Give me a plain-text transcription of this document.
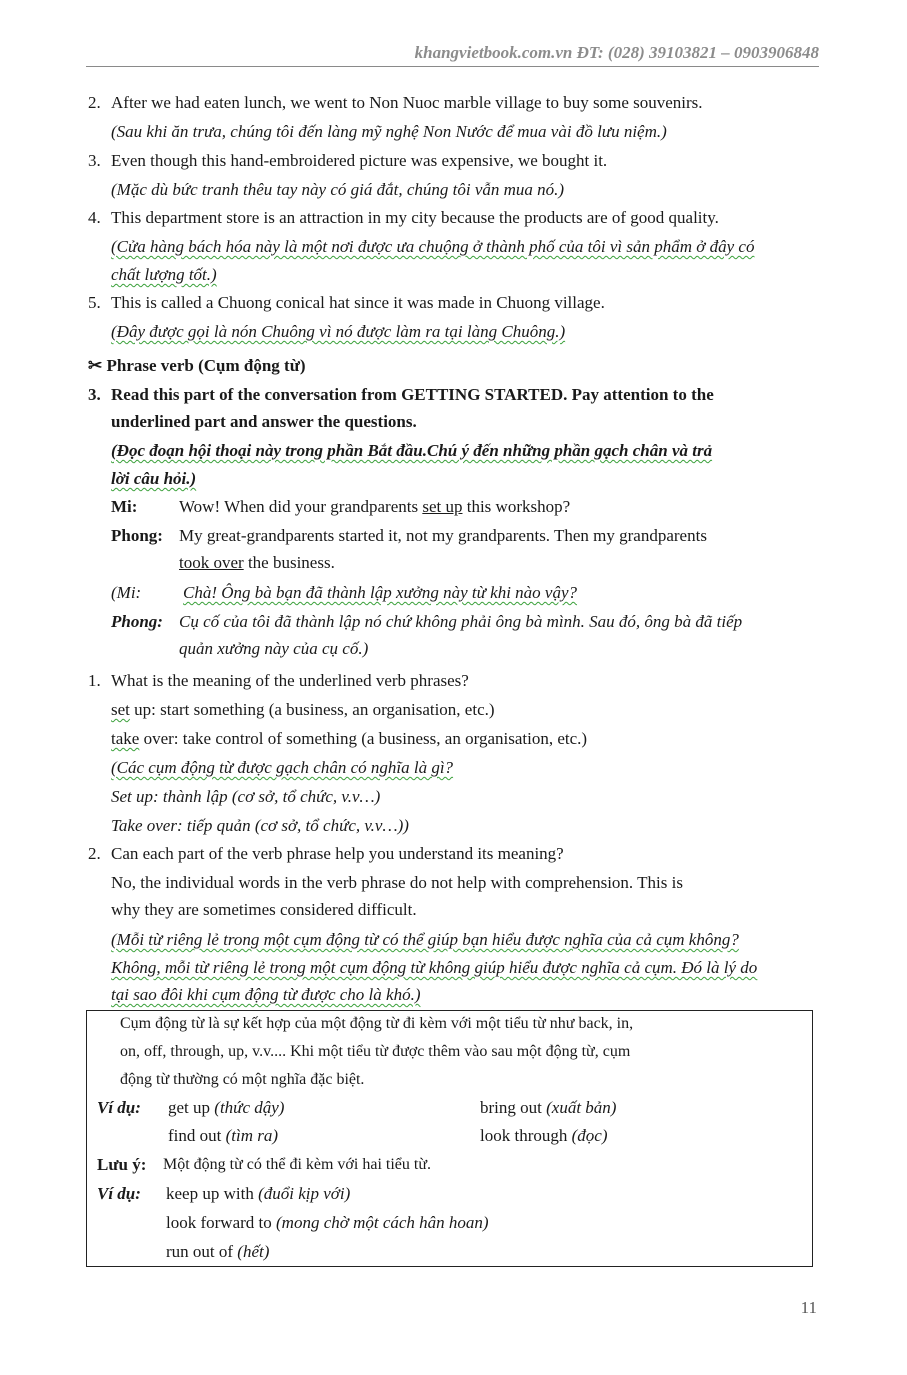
khangvietbook.com.vn ĐT: (028) 39103821 – 0903906848
2. After we had eaten lunch, we went to Non Nuoc marble village to buy some souvenirs.
(Sau khi ăn trưa, chúng tôi đến làng mỹ nghệ Non Nước để mua vài đồ lưu niệm.)
3. Even though this hand-embroidered picture was expensive, we bought it.
(Mặc dù bức tranh thêu tay này có giá đắt, chúng tôi vẫn mua nó.)
4. This department store is an attraction in my city because the products are of good quality.
(Cửa hàng bách hóa này là một nơi được ưa chuộng ở thành phố của tôi vì sản phẩm ở đây có
chất lượng tốt.)
5. This is called a Chuong conical hat since it was made in Chuong village.
(Đây được gọi là nón Chuông vì nó được làm ra tại làng Chuông.)
✂ Phrase verb (Cụm động từ)
3. Read this part of the conversation from GETTING STARTED. Pay attention to the
underlined part and answer the questions.
(Đọc đoạn hội thoại này trong phần Bắt đầu.Chú ý đến những phần gạch chân và trả
lời câu hỏi.)
Mi: Wow! When did your grandparents set up this workshop?
Phong: My great-grandparents started it, not my grandparents. Then my grandparents
took over the business.
(Mi: Chà! Ông bà bạn đã thành lập xưởng này từ khi nào vậy?
Phong: Cụ cố của tôi đã thành lập nó chứ không phải ông bà mình. Sau đó, ông bà đã tiếp
quản xưởng này của cụ cố.)
1. What is the meaning of the underlined verb phrases?
set up: start something (a business, an organisation, etc.)
take over: take control of something (a business, an organisation, etc.)
(Các cụm động từ được gạch chân có nghĩa là gì?
Set up: thành lập (cơ sở, tổ chức, v.v…)
Take over: tiếp quản (cơ sở, tổ chức, v.v…))
2. Can each part of the verb phrase help you understand its meaning?
No, the individual words in the verb phrase do not help with comprehension. This is
why they are sometimes considered difficult.
(Mỗi từ riêng lẻ trong một cụm động từ có thể giúp bạn hiểu được nghĩa của cả cụm không?
Không, mỗi từ riêng lẻ trong một cụm động từ không giúp hiểu được nghĩa cả cụm. Đó là lý do
tại sao đôi khi cụm động từ được cho là khó.)
Cụm động từ là sự kết hợp của một động từ đi kèm với một tiểu từ như back, in,
on, off, through, up, v.v.... Khi một tiểu từ được thêm vào sau một động từ, cụm
động từ thường có một nghĩa đặc biệt.
Ví dụ: get up (thức dậy)	bring out (xuất bản)
find out (tìm ra)	look through (đọc)
Lưu ý: Một động từ có thể đi kèm với hai tiểu từ.
Ví dụ: keep up with (đuổi kịp với)
look forward to (mong chờ một cách hân hoan)
run out of (hết)
11
